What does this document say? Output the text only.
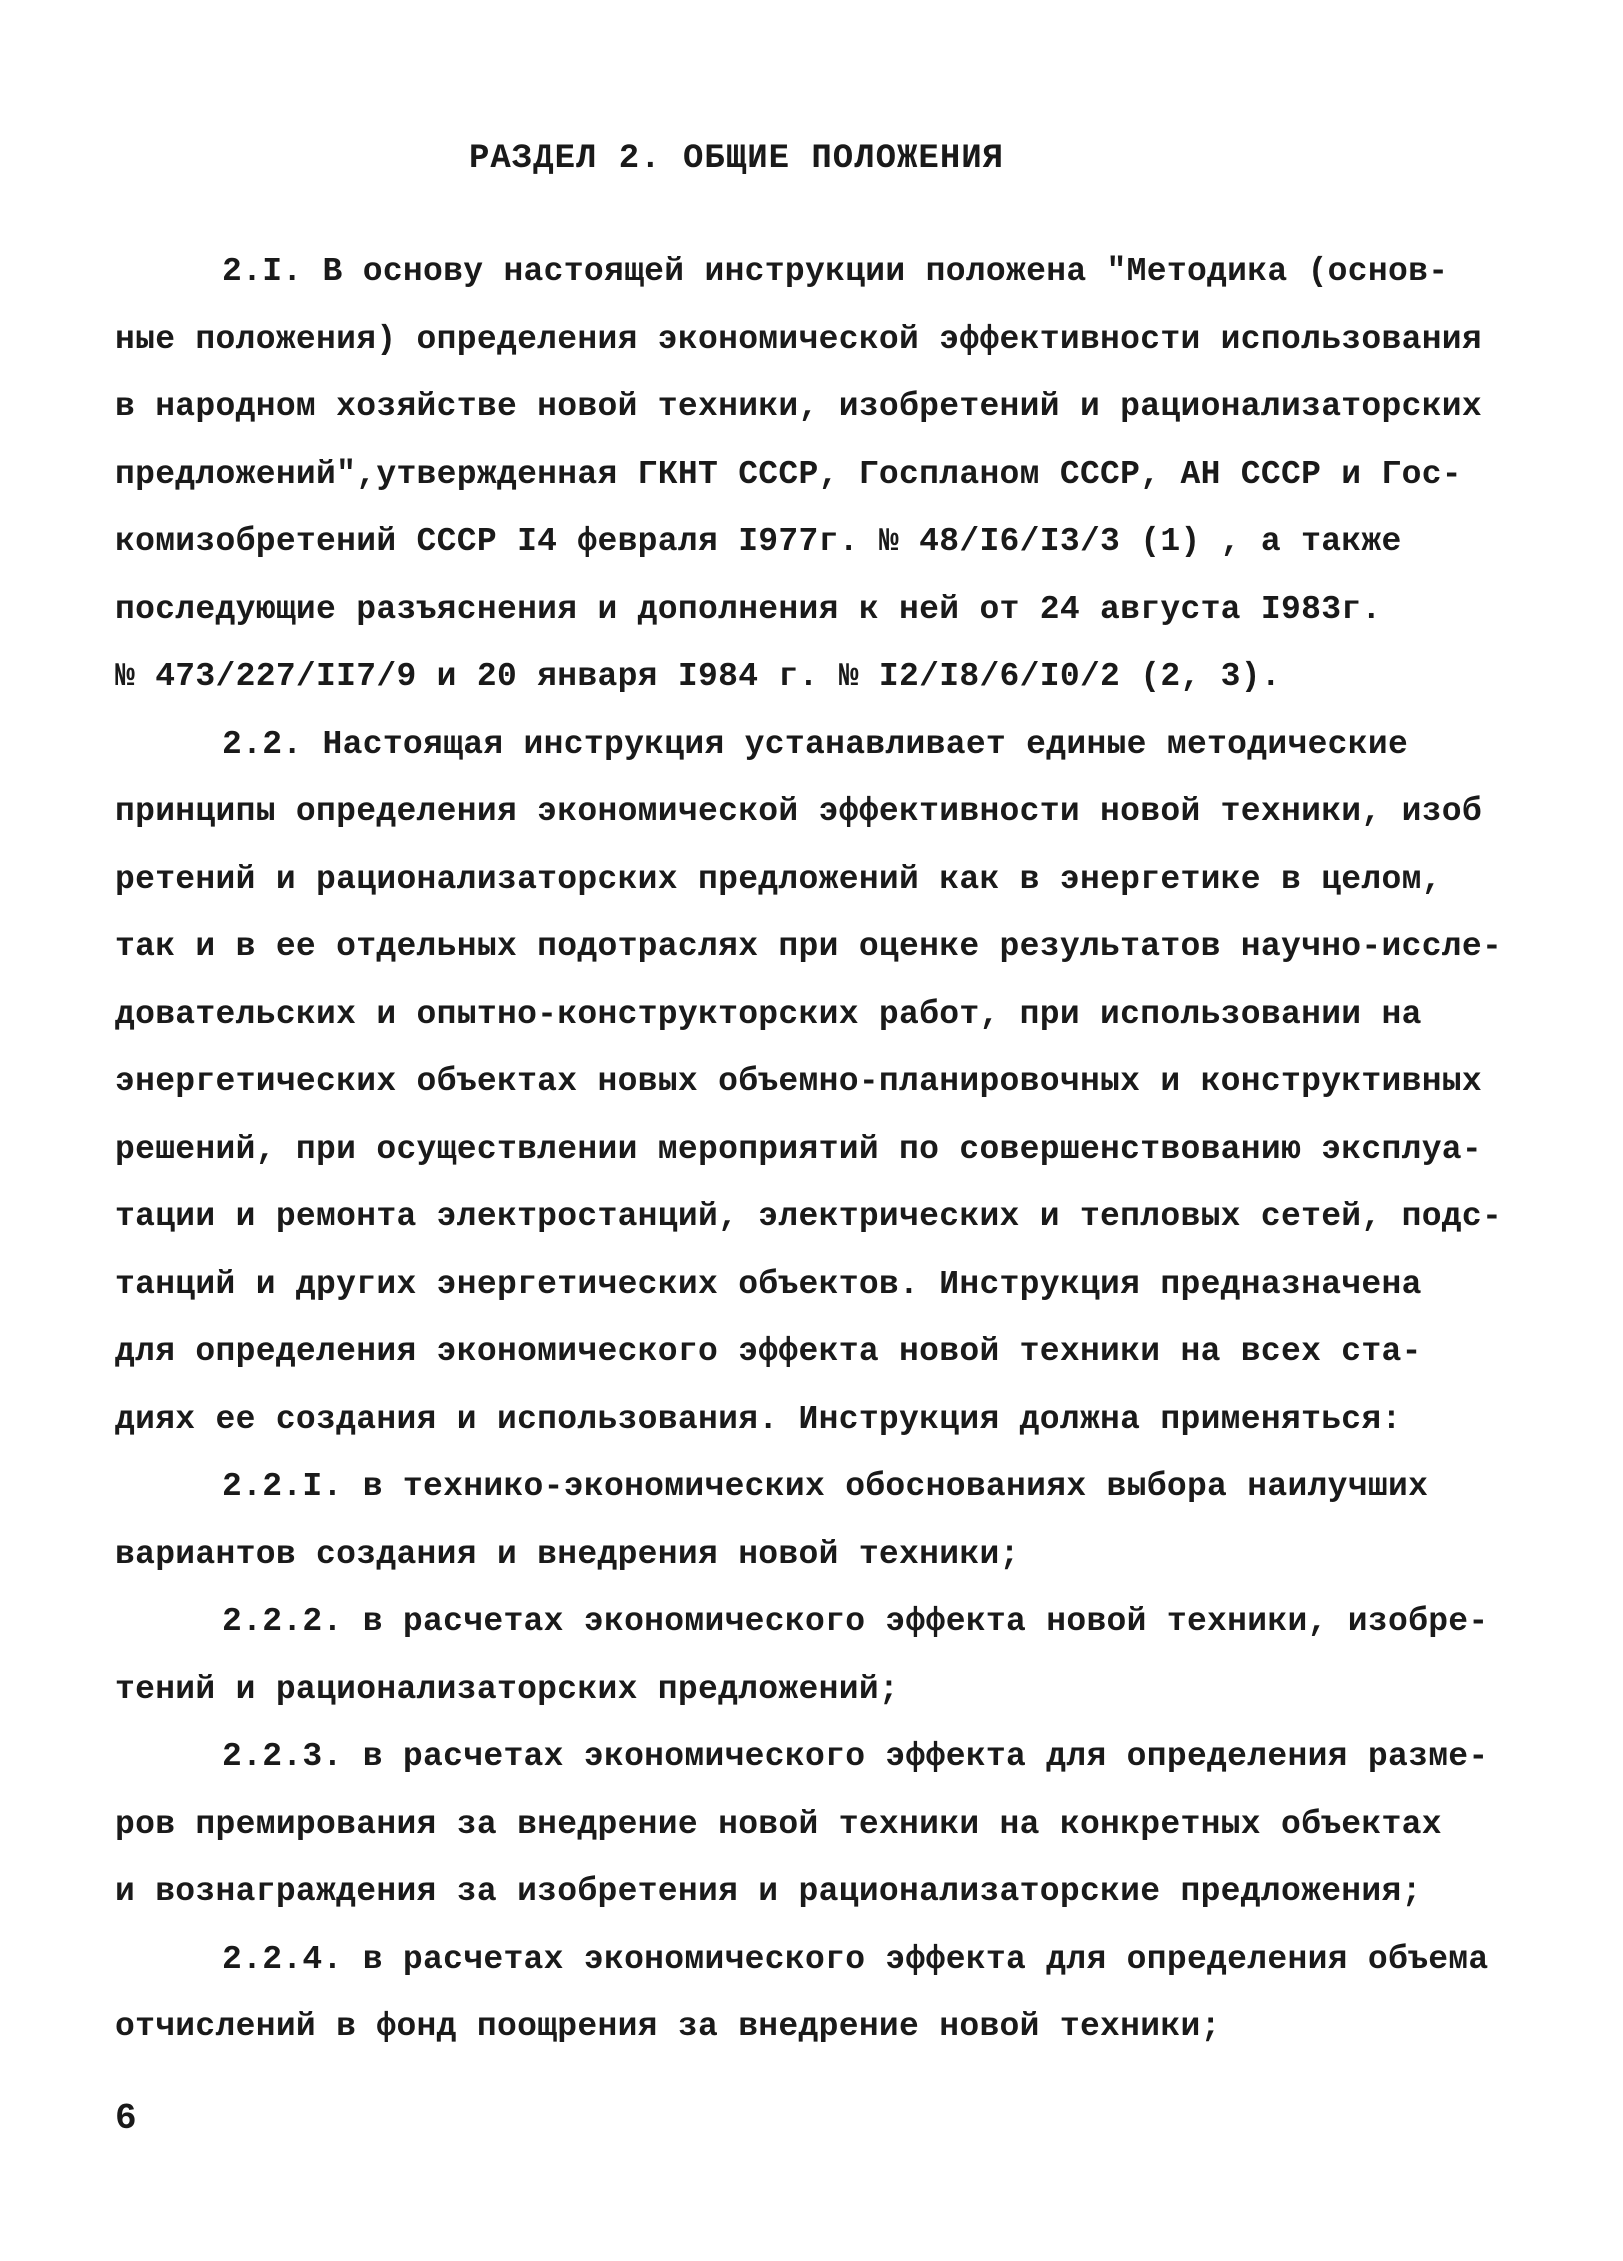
РАЗДЕЛ 2. ОБЩИЕ ПОЛОЖЕНИЯ
2.I. В основу настоящей инструкции положена "Методика (основ-
ные положения) определения экономической эффективности использования
в народном хозяйстве новой техники, изобретений и рационализаторских
предложений",утвержденная ГКНТ СССР, Госпланом СССР, АН СССР и Гос-
комизобретений СССР I4 февраля I977г. № 48/I6/I3/3 (1) , а также
последующие разъяснения и дополнения к ней от 24 августа I983г.
№ 473/227/II7/9 и 20 января I984 г. № I2/I8/6/I0/2 (2, 3).
2.2. Настоящая инструкция устанавливает единые методические
принципы определения экономической эффективности новой техники, изоб
ретений и рационализаторских предложений как в энергетике в целом,
так и в ее отдельных подотраслях при оценке результатов научно-иссле-
довательских и опытно-конструкторских работ, при использовании на
энергетических объектах новых объемно-планировочных и конструктивных
решений, при осуществлении мероприятий по совершенствованию эксплуа-
тации и ремонта электростанций, электрических и тепловых сетей, подс-
танций и других энергетических объектов. Инструкция предназначена
для определения экономического эффекта новой техники на всех ста-
диях ее создания и использования. Инструкция должна применяться:
2.2.I. в технико-экономических обоснованиях выбора наилучших
вариантов создания и внедрения новой техники;
2.2.2. в расчетах экономического эффекта новой техники, изобре-
тений и рационализаторских предложений;
2.2.3. в расчетах экономического эффекта для определения разме-
ров премирования за внедрение новой техники на конкретных объектах
и вознаграждения за изобретения и рационализаторские предложения;
2.2.4. в расчетах экономического эффекта для определения объема
отчислений в фонд поощрения за внедрение новой техники;
6
